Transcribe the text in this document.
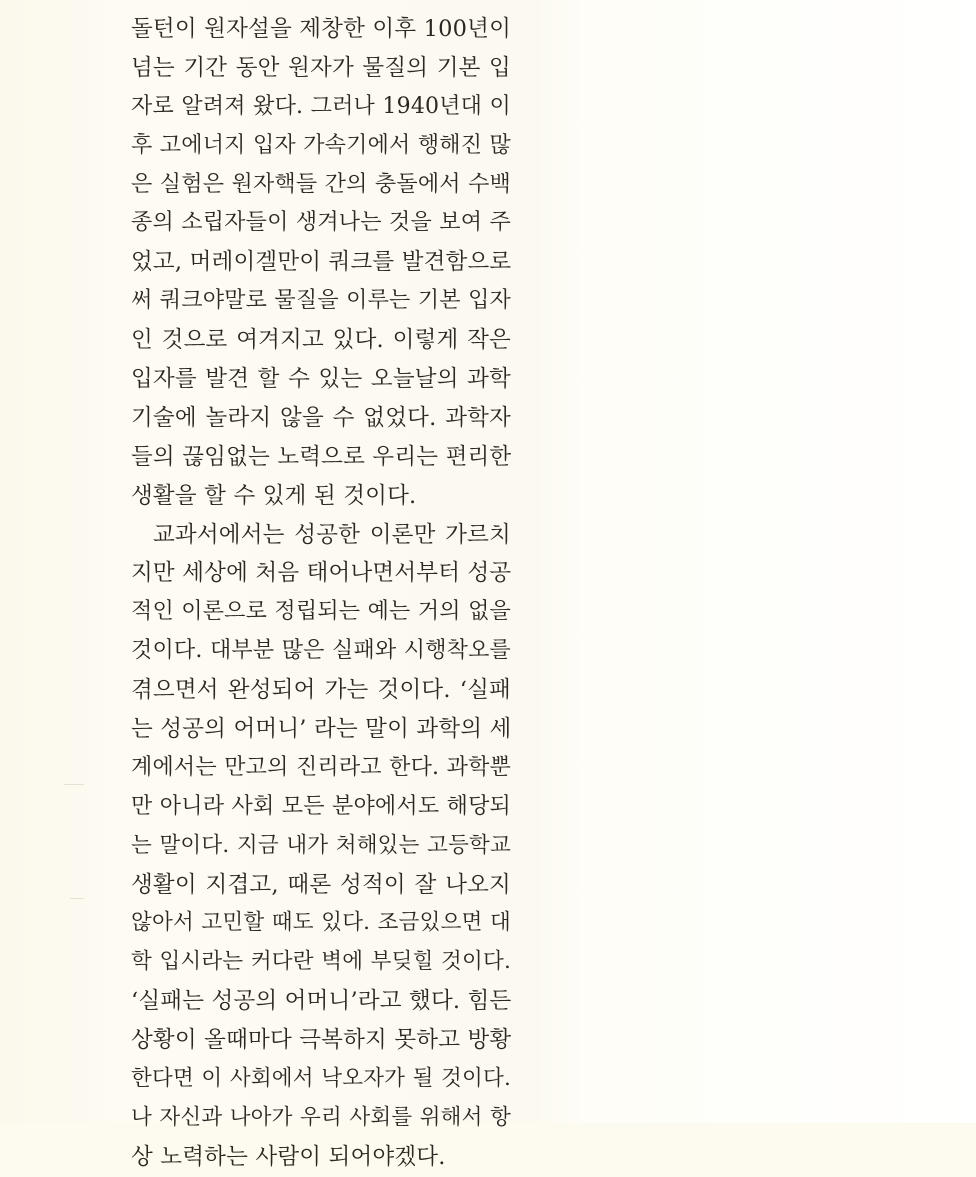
돌턴이 원자설을 제창한 이후 100년이
넘는 기간 동안 원자가 물질의 기본 입
자로 알려져 왔다. 그러나 1940년대 이
후 고에너지 입자 가속기에서 행해진 많
은 실험은 원자핵들 간의 충돌에서 수백
종의 소립자들이 생겨나는 것을 보여 주
었고, 머레이겔만이 쿼크를 발견함으로
써 쿼크야말로 물질을 이루는 기본 입자
인 것으로 여겨지고 있다. 이렇게 작은
입자를 발견 할 수 있는 오늘날의 과학
기술에 놀라지 않을 수 없었다. 과학자
들의 끊임없는 노력으로 우리는 편리한
생활을 할 수 있게 된 것이다.
교과서에서는 성공한 이론만 가르치
지만 세상에 처음 태어나면서부터 성공
적인 이론으로 정립되는 예는 거의 없을
것이다. 대부분 많은 실패와 시행착오를
겪으면서 완성되어 가는 것이다. ‘실패
는 성공의 어머니’ 라는 말이 과학의 세
계에서는 만고의 진리라고 한다. 과학뿐
만 아니라 사회 모든 분야에서도 해당되
는 말이다. 지금 내가 처해있는 고등학교
생활이 지겹고, 때론 성적이 잘 나오지
않아서 고민할 때도 있다. 조금있으면 대
학 입시라는 커다란 벽에 부딪힐 것이다.
‘실패는 성공의 어머니’라고 했다. 힘든
상황이 올때마다 극복하지 못하고 방황
한다면 이 사회에서 낙오자가 될 것이다.
나 자신과 나아가 우리 사회를 위해서 항
상 노력하는 사람이 되어야겠다.
